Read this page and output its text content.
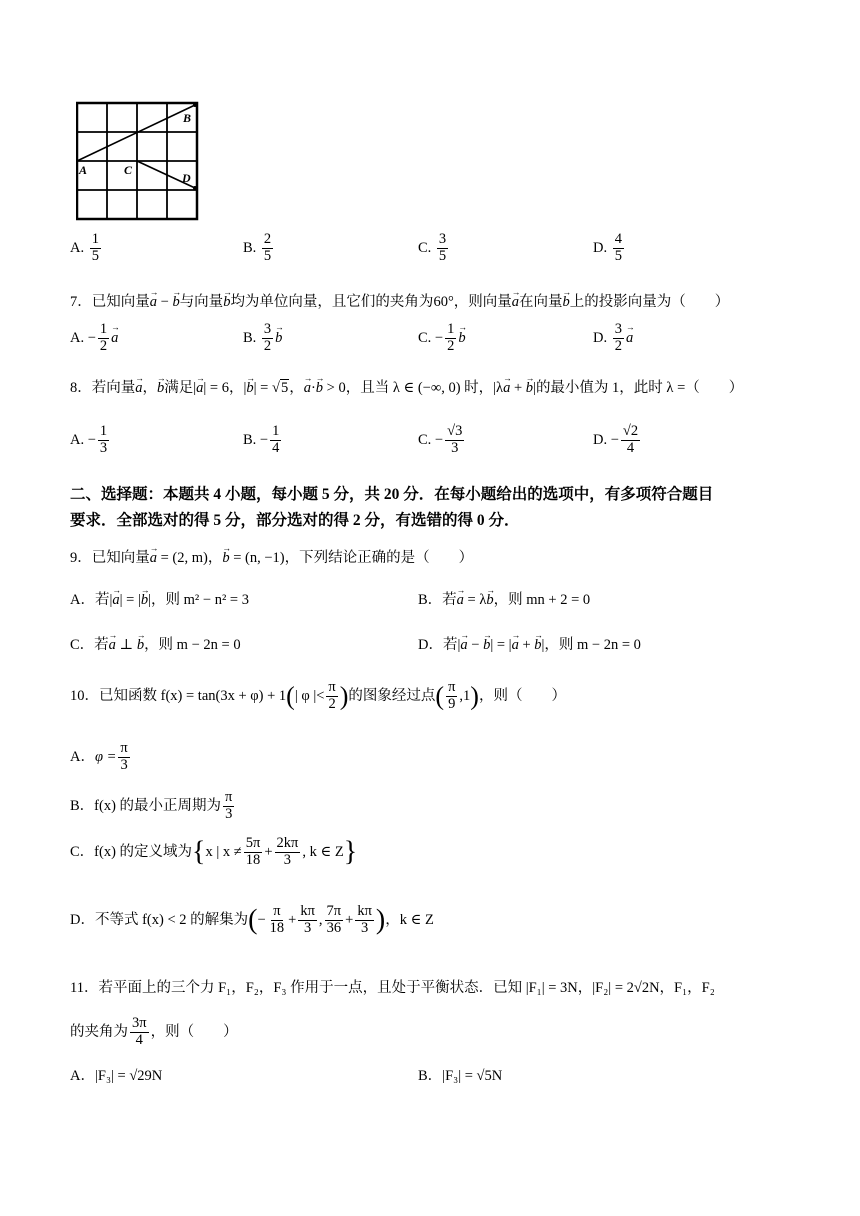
B
A	C
D
A. $\frac{1}{5}$	B. $\frac{2}{5}$	C. $\frac{3}{5}$	D. $\frac{4}{5}$
7．已知向量→ a − → b与向量→ b均为单位向量，且它们的夹角为60°，则向量→ a在向量→ b上的投影向量为（　　）
A. − $\frac{1}{2}$
→ a	B. $\frac{3}{2}$
→ b	C. − $\frac{1}{2}$
→ b	D. $\frac{3}{2}$
→ a
8．若向量→ a，→ b满足|→ a| = 6，|→ b| = √5，→ a·→ b > 0，且当 λ ∈ (−∞, 0) 时，|λ→ a + → b|的最小值为 1，此时 λ =（　　）
A. − $\frac{1}{3}$	B. − $\frac{1}{4}$	C. − $\frac{√3}{3}$	D. − $\frac{√2}{4}$
二、选择题：本题共 4 小题，每小题 5 分，共 20 分．在每小题给出的选项中，有多项符合题目
要求．全部选对的得 5 分，部分选对的得 2 分，有选错的得 0 分．
9．已知向量→ a = (2, m)，→ b = (n, −1)，下列结论正确的是（　　）
A．若|→ a| = |→ b|，则 m² − n² = 3	B．若→ a = λ→ b，则 mn + 2 = 0
C．若→ a ⊥ → b，则 m − 2n = 0	D．若|→ a − → b| = |→ a + → b|，则 m − 2n = 0
10．已知函数 f(x) = tan(3x + φ) + 1(| φ |< $\frac{\pi}{2}$ )的图象经过点( $\frac{\pi}{9} ,1$)，则（　　）
A．$\varphi = \frac{\pi}{3}$
B．f(x) 的最小正周期为 $\frac{\pi}{3}$
C．f(x) 的定义域为{x | $x \ne \frac{5\pi}{18} + \frac{2k\pi}{3}$ , k ∈ Z}
D．不等式 f(x) < 2 的解集为(− $\frac{\pi}{18} + \frac{k\pi}{3}$ , $\frac{7\pi}{36} + \frac{k\pi}{3}$ )，k ∈ Z
11．若平面上的三个力 F₁，F₂，F₃ 作用于一点，且处于平衡状态．已知 |F₁| = 3N，|F₂| = 2√2N，F₁，F₂
的夹角为 $\frac{3\pi}{4}$ ，则（　　）
A．|F₃| = √29N	B．|F₃| = √5N
